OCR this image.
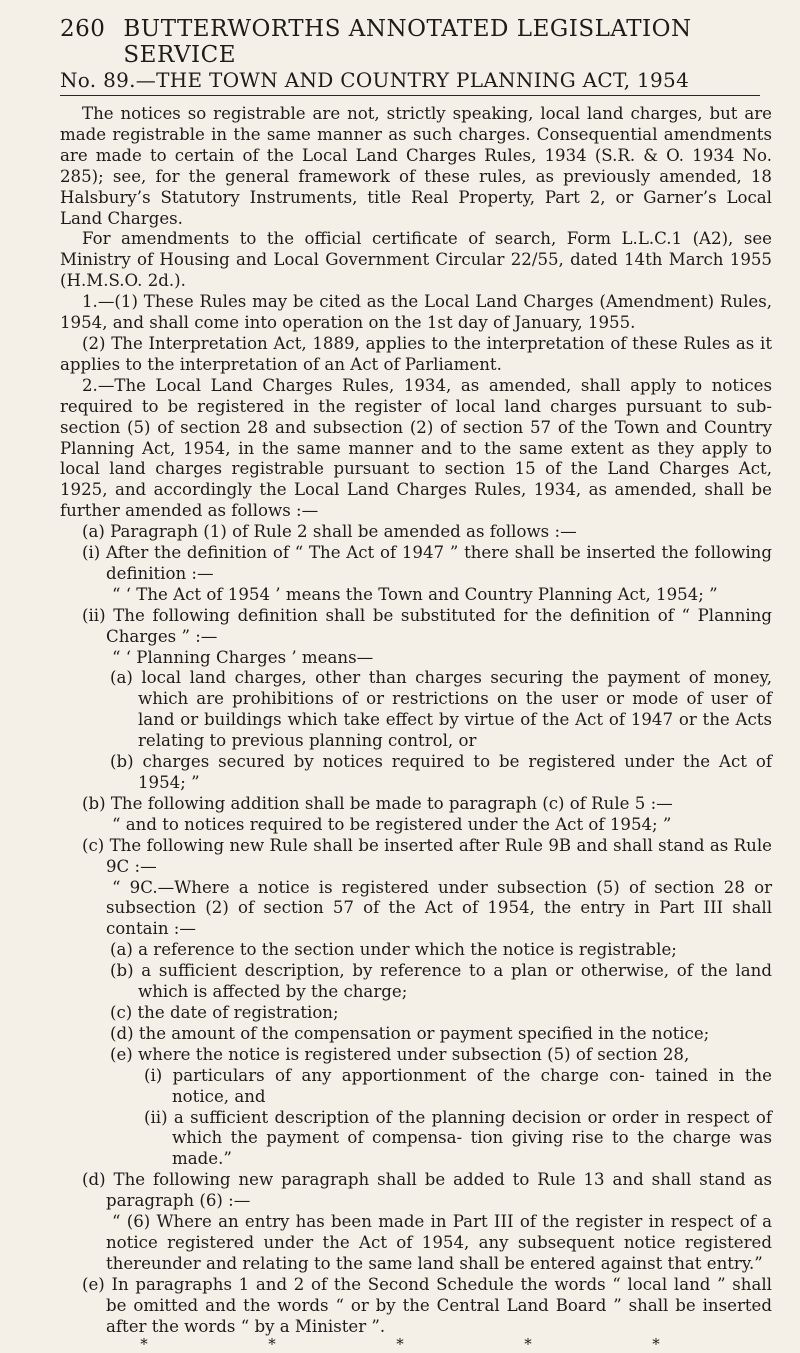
260 BUTTERWORTHS ANNOTATED LEGISLATION SERVICE
No. 89.—THE TOWN AND COUNTRY PLANNING ACT, 1954

The notices so registrable are not, strictly speaking, local land charges, but are made registrable in the same manner as such charges. Consequential amendments are made to certain of the Local Land Charges Rules, 1934 (S.R. & O. 1934 No. 285); see, for the general framework of these rules, as previously amended, 18 Halsbury’s Statutory Instruments, title Real Property, Part 2, or Garner’s Local Land Charges.

For amendments to the official certificate of search, Form L.L.C.1 (A2), see Ministry of Housing and Local Government Circular 22/55, dated 14th March 1955 (H.M.S.O. 2d.).

1.—(1) These Rules may be cited as the Local Land Charges (Amendment) Rules, 1954, and shall come into operation on the 1st day of January, 1955.

(2) The Interpretation Act, 1889, applies to the interpretation of these Rules as it applies to the interpretation of an Act of Parliament.

2.—The Local Land Charges Rules, 1934, as amended, shall apply to notices required to be registered in the register of local land charges pursuant to sub-section (5) of section 28 and subsection (2) of section 57 of the Town and Country Planning Act, 1954, in the same manner and to the same extent as they apply to local land charges registrable pursuant to section 15 of the Land Charges Act, 1925, and accordingly the Local Land Charges Rules, 1934, as amended, shall be further amended as follows :—

(a) Paragraph (1) of Rule 2 shall be amended as follows :—

(i) After the definition of “ The Act of 1947 ” there shall be inserted the following definition :—

“ ‘ The Act of 1954 ’ means the Town and Country Planning Act, 1954; ”

(ii) The following definition shall be substituted for the definition of “ Planning Charges ” :—

“ ‘ Planning Charges ’ means—

(a) local land charges, other than charges securing the payment of money, which are prohibitions of or restrictions on the user or mode of user of land or buildings which take effect by virtue of the Act of 1947 or the Acts relating to previous planning control, or

(b) charges secured by notices required to be registered under the Act of 1954; ”

(b) The following addition shall be made to paragraph (c) of Rule 5 :—

“ and to notices required to be registered under the Act of 1954; ”

(c) The following new Rule shall be inserted after Rule 9B and shall stand as Rule 9C :—

“ 9C.—Where a notice is registered under subsection (5) of section 28 or subsection (2) of section 57 of the Act of 1954, the entry in Part III shall contain :—

(a) a reference to the section under which the notice is registrable;

(b) a sufficient description, by reference to a plan or otherwise, of the land which is affected by the charge;

(c) the date of registration;

(d) the amount of the compensation or payment specified in the notice;

(e) where the notice is registered under subsection (5) of section 28,

(i) particulars of any apportionment of the charge con- tained in the notice, and

(ii) a sufficient description of the planning decision or order in respect of which the payment of compensa- tion giving rise to the charge was made.”

(d) The following new paragraph shall be added to Rule 13 and shall stand as paragraph (6) :—

“ (6) Where an entry has been made in Part III of the register in respect of a notice registered under the Act of 1954, any subsequent notice registered thereunder and relating to the same land shall be entered against that entry.”

(e) In paragraphs 1 and 2 of the Second Schedule the words “ local land ” shall be omitted and the words “ or by the Central Land Board ” shall be inserted after the words “ by a Minister ”.

*	*	*	*	*
